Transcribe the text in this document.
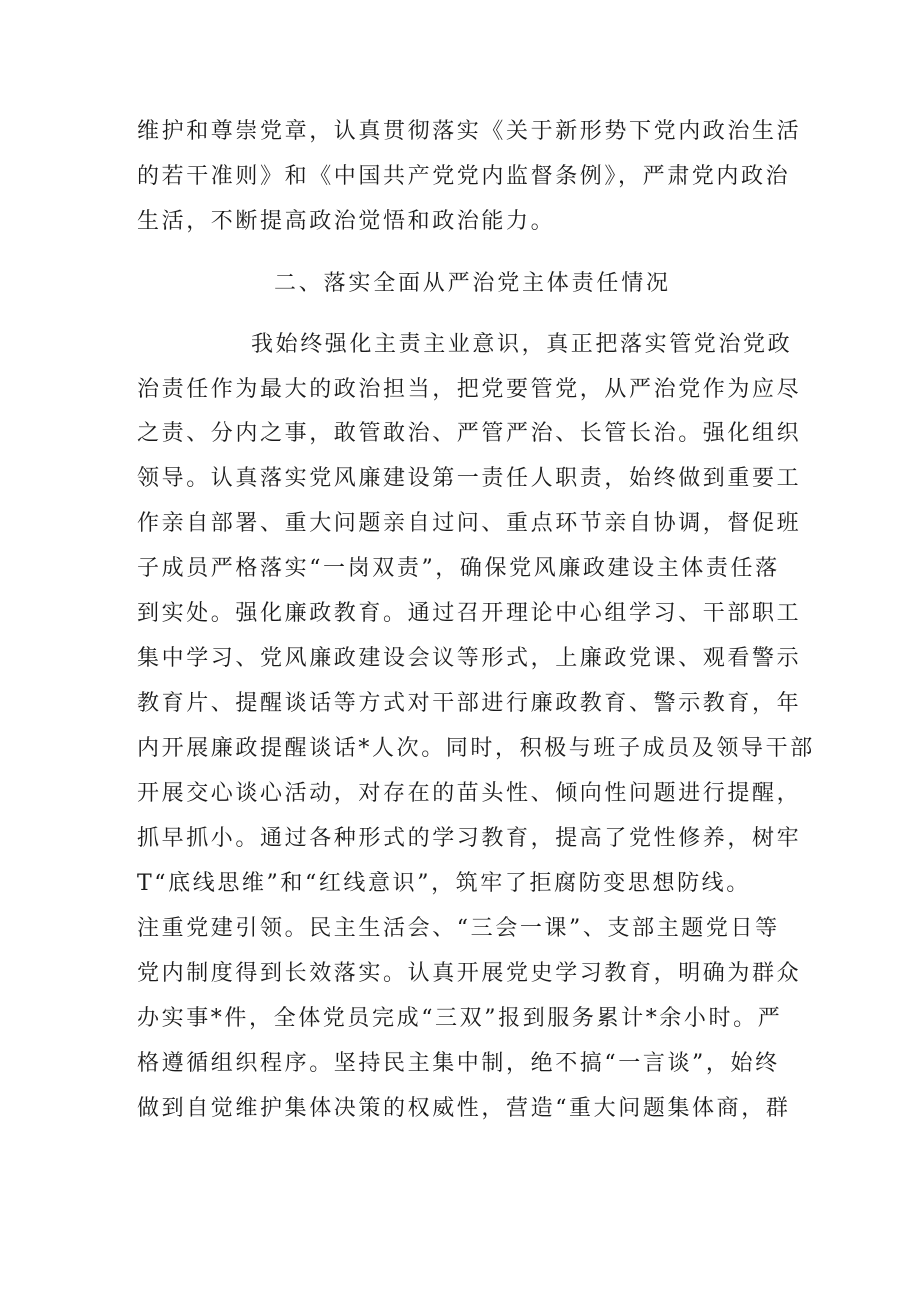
维护和尊崇党章，认真贯彻落实《关于新形势下党内政治生活
的若干准则》和《中国共产党党内监督条例》，严肃党内政治
生活，不断提高政治觉悟和政治能力。
二、落实全面从严治党主体责任情况
我始终强化主责主业意识，真正把落实管党治党政
治责任作为最大的政治担当，把党要管党，从严治党作为应尽
之责、分内之事，敢管敢治、严管严治、长管长治。强化组织
领导。认真落实党风廉建设第一责任人职责，始终做到重要工
作亲自部署、重大问题亲自过问、重点环节亲自协调，督促班
子成员严格落实“一岗双责”，确保党风廉政建设主体责任落
到实处。强化廉政教育。通过召开理论中心组学习、干部职工
集中学习、党风廉政建设会议等形式，上廉政党课、观看警示
教育片、提醒谈话等方式对干部进行廉政教育、警示教育，年
内开展廉政提醒谈话*人次。同时，积极与班子成员及领导干部
开展交心谈心活动，对存在的苗头性、倾向性问题进行提醒，
抓早抓小。通过各种形式的学习教育，提高了党性修养，树牢
T“底线思维”和“红线意识”，筑牢了拒腐防变思想防线。
注重党建引领。民主生活会、“三会一课”、支部主题党日等
党内制度得到长效落实。认真开展党史学习教育，明确为群众
办实事*件，全体党员完成“三双”报到服务累计*余小时。严
格遵循组织程序。坚持民主集中制，绝不搞“一言谈”，始终
做到自觉维护集体决策的权威性，营造“重大问题集体商，群
